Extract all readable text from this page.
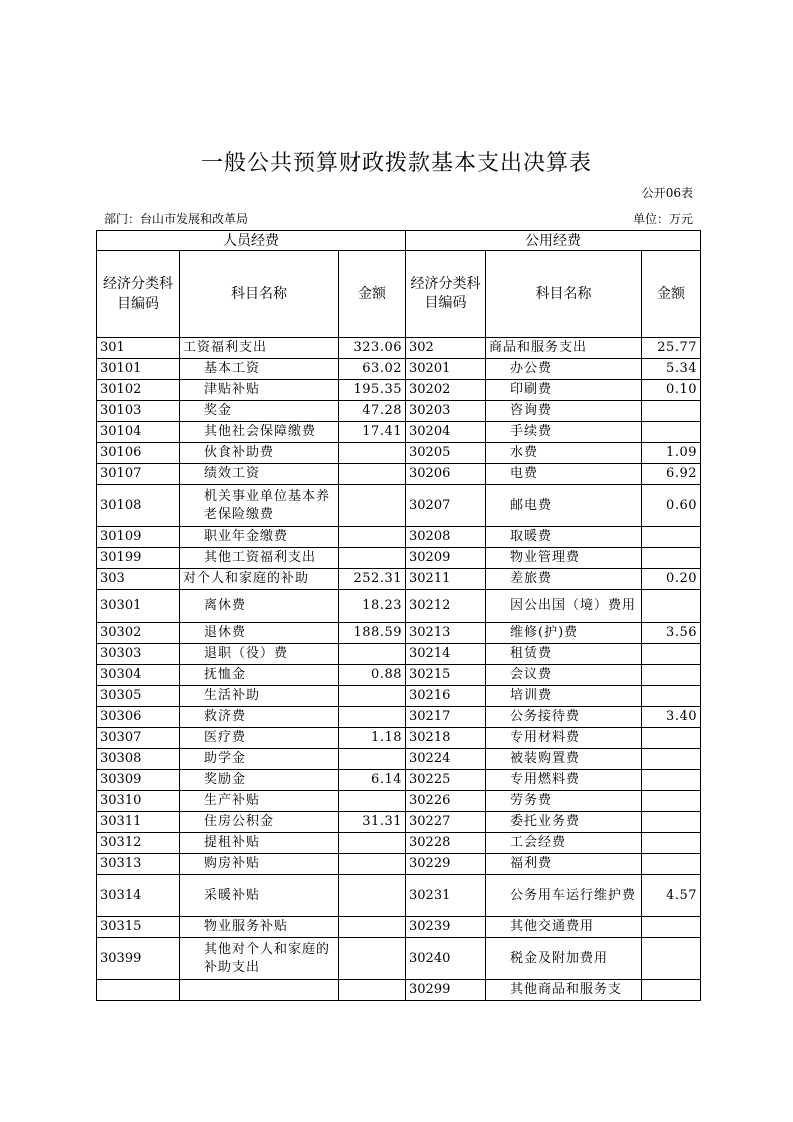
一般公共预算财政拨款基本支出决算表
公开06表
部门：台山市发展和改革局	单位：万元
人员经费			公用经费		
经济分类科目编码	科目名称	金额	经济分类科目编码	科目名称	金额
301	工资福利支出	323.06	302	商品和服务支出	25.77
30101	基本工资	63.02	30201	办公费	5.34
30102	津贴补贴	195.35	30202	印刷费	0.10
30103	奖金	47.28	30203	咨询费	
30104	其他社会保障缴费	17.41	30204	手续费	
30106	伙食补助费		30205	水费	1.09
30107	绩效工资		30206	电费	6.92
30108	机关事业单位基本养老保险缴费		30207	邮电费	0.60
30109	职业年金缴费		30208	取暖费	
30199	其他工资福利支出		30209	物业管理费	
303	对个人和家庭的补助	252.31	30211	差旅费	0.20
30301	离休费	18.23	30212	因公出国（境）费用	
30302	退休费	188.59	30213	维修(护)费	3.56
30303	退职（役）费		30214	租赁费	
30304	抚恤金	0.88	30215	会议费	
30305	生活补助		30216	培训费	
30306	救济费		30217	公务接待费	3.40
30307	医疗费	1.18	30218	专用材料费	
30308	助学金		30224	被装购置费	
30309	奖励金	6.14	30225	专用燃料费	
30310	生产补贴		30226	劳务费	
30311	住房公积金	31.31	30227	委托业务费	
30312	提租补贴		30228	工会经费	
30313	购房补贴		30229	福利费	
30314	采暖补贴		30231	公务用车运行维护费	4.57
30315	物业服务补贴		30239	其他交通费用	
30399	其他对个人和家庭的补助支出		30240	税金及附加费用	
			30299	其他商品和服务支	
